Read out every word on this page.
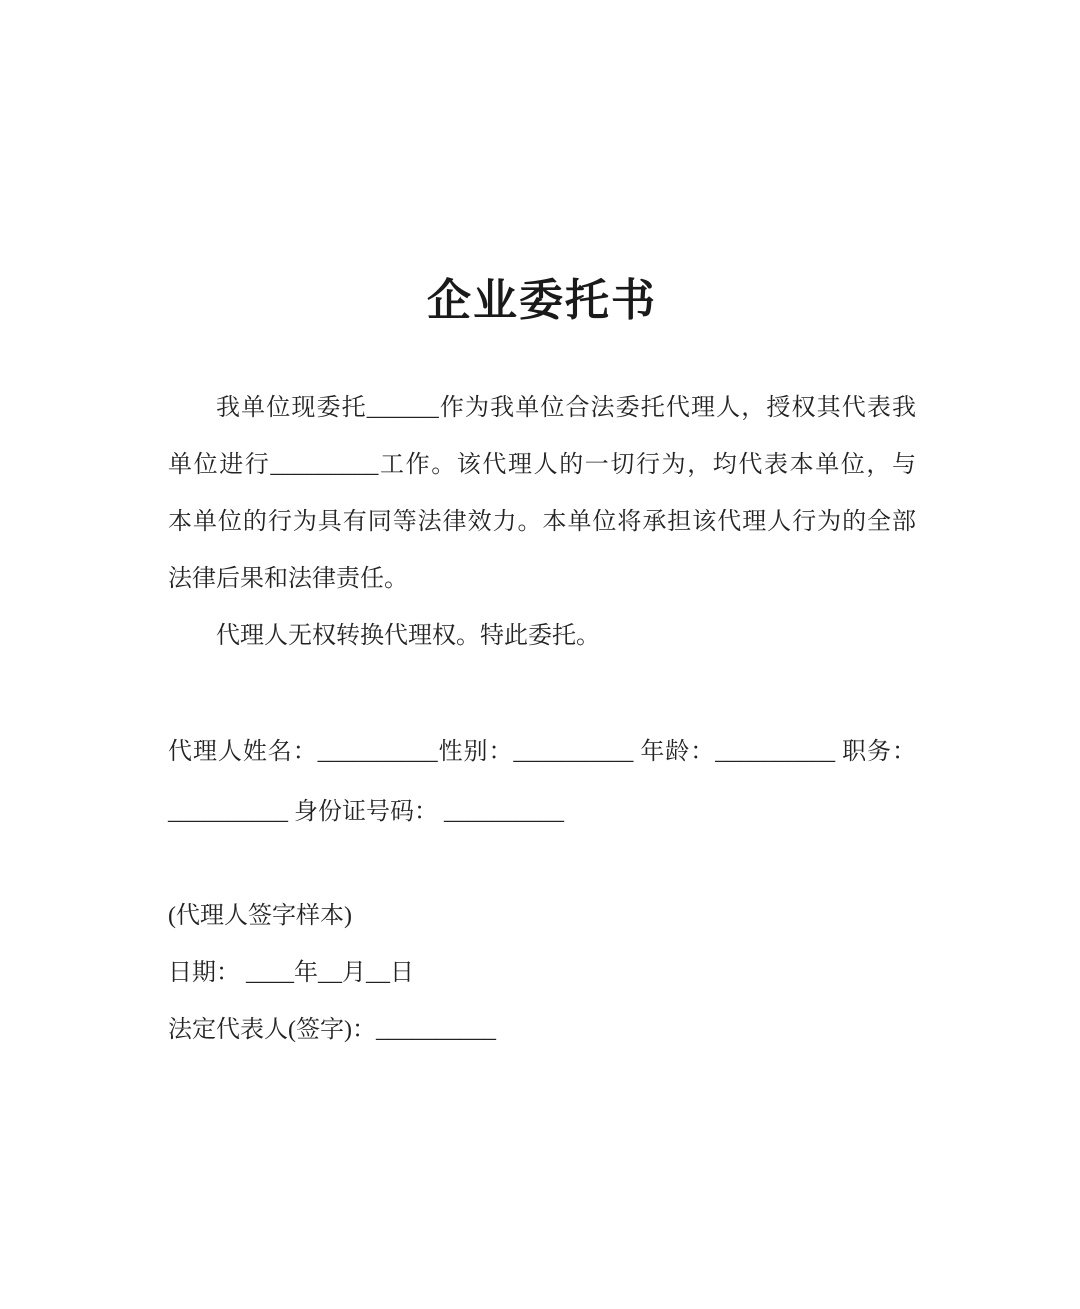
企业委托书

我单位现委托______作为我单位合法委托代理人，授权其代表我

单位进行_________工作。该代理人的一切行为，均代表本单位，与

本单位的行为具有同等法律效力。本单位将承担该代理人行为的全部

法律后果和法律责任。

代理人无权转换代理权。特此委托。

代理人姓名：__________性别：__________ 年龄：__________ 职务：

__________ 身份证号码： __________

(代理人签字样本)

日期： ____年__月__日

法定代表人(签字)：__________
